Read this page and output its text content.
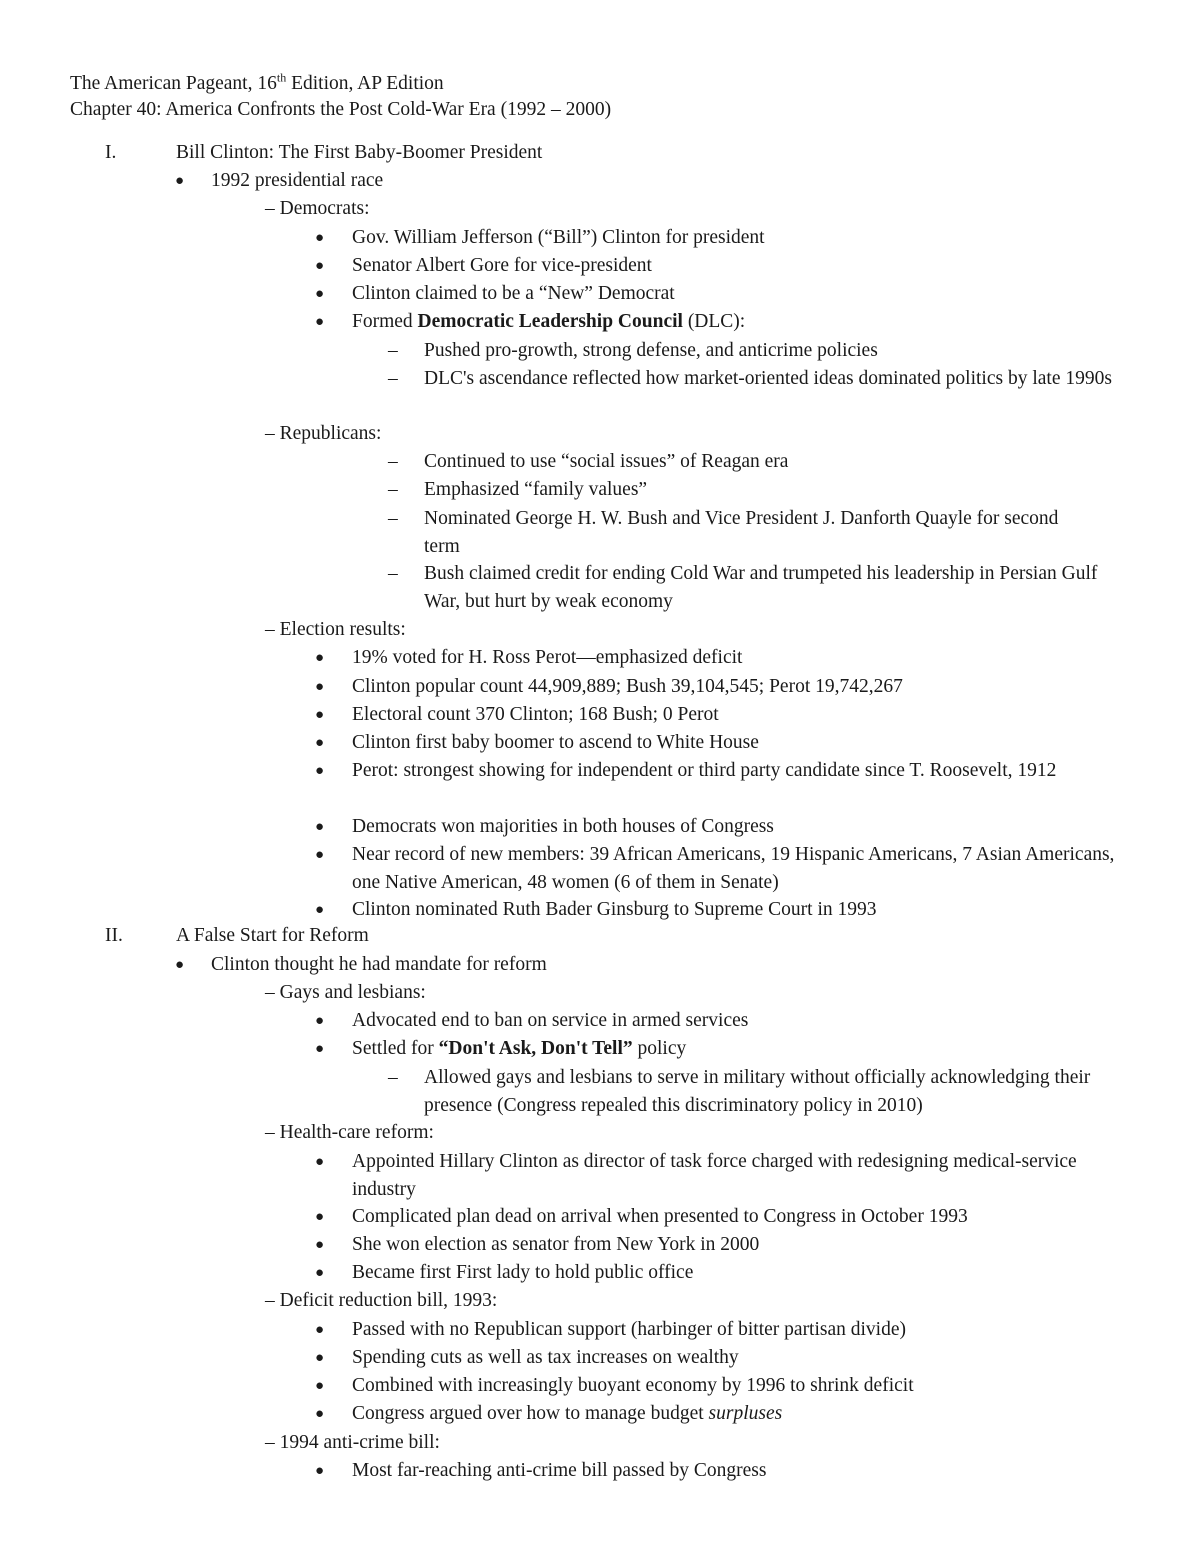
The American Pageant, 16th Edition, AP Edition
Chapter 40: America Confronts the Post Cold-War Era (1992 – 2000)
I.	Bill Clinton: The First Baby-Boomer President
● 1992 presidential race
– Democrats:
● Gov. William Jefferson (“Bill”) Clinton for president
● Senator Albert Gore for vice-president
● Clinton claimed to be a “New” Democrat
● Formed Democratic Leadership Council (DLC):
– Pushed pro-growth, strong defense, and anticrime policies
– DLC's ascendance reflected how market-oriented ideas dominated politics by late 1990s
– Republicans:
– Continued to use “social issues” of Reagan era
– Emphasized “family values”
– Nominated George H. W. Bush and Vice President J. Danforth Quayle for second term
– Bush claimed credit for ending Cold War and trumpeted his leadership in Persian Gulf War, but hurt by weak economy
– Election results:
● 19% voted for H. Ross Perot—emphasized deficit
● Clinton popular count 44,909,889; Bush 39,104,545; Perot 19,742,267
● Electoral count 370 Clinton; 168 Bush; 0 Perot
● Clinton first baby boomer to ascend to White House
● Perot: strongest showing for independent or third party candidate since T. Roosevelt, 1912
● Democrats won majorities in both houses of Congress
● Near record of new members: 39 African Americans, 19 Hispanic Americans, 7 Asian Americans, one Native American, 48 women (6 of them in Senate)
● Clinton nominated Ruth Bader Ginsburg to Supreme Court in 1993
II.	A False Start for Reform
● Clinton thought he had mandate for reform
– Gays and lesbians:
● Advocated end to ban on service in armed services
● Settled for “Don't Ask, Don't Tell” policy
– Allowed gays and lesbians to serve in military without officially acknowledging their presence (Congress repealed this discriminatory policy in 2010)
– Health-care reform:
● Appointed Hillary Clinton as director of task force charged with redesigning medical-service industry
● Complicated plan dead on arrival when presented to Congress in October 1993
● She won election as senator from New York in 2000
● Became first First lady to hold public office
– Deficit reduction bill, 1993:
● Passed with no Republican support (harbinger of bitter partisan divide)
● Spending cuts as well as tax increases on wealthy
● Combined with increasingly buoyant economy by 1996 to shrink deficit
● Congress argued over how to manage budget surpluses
– 1994 anti-crime bill:
● Most far-reaching anti-crime bill passed by Congress
